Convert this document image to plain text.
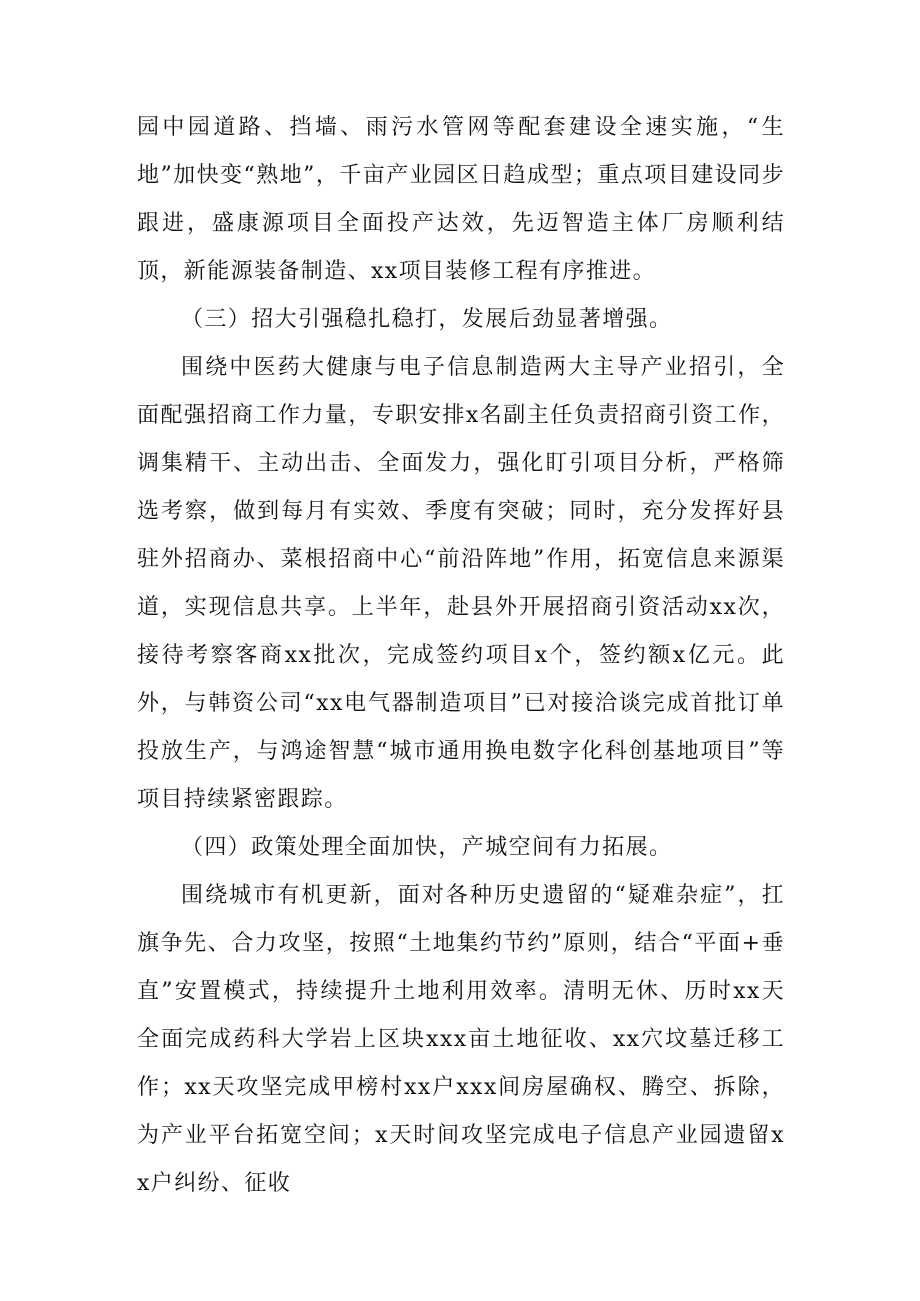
园中园道路、挡墙、雨污水管网等配套建设全速实施，“生地”加快变“熟地”，千亩产业园区日趋成型；重点项目建设同步跟进，盛康源项目全面投产达效，先迈智造主体厂房顺利结顶，新能源装备制造、xx项目装修工程有序推进。

（三）招大引强稳扎稳打，发展后劲显著增强。

围绕中医药大健康与电子信息制造两大主导产业招引，全面配强招商工作力量，专职安排x名副主任负责招商引资工作，调集精干、主动出击、全面发力，强化盯引项目分析，严格筛选考察，做到每月有实效、季度有突破；同时，充分发挥好县驻外招商办、菜根招商中心“前沿阵地”作用，拓宽信息来源渠道，实现信息共享。上半年，赴县外开展招商引资活动xx次，接待考察客商xx批次，完成签约项目x个，签约额x亿元。此外，与韩资公司“xx电气器制造项目”已对接洽谈完成首批订单投放生产，与鸿途智慧“城市通用换电数字化科创基地项目”等项目持续紧密跟踪。

（四）政策处理全面加快，产城空间有力拓展。

围绕城市有机更新，面对各种历史遗留的“疑难杂症”，扛旗争先、合力攻坚，按照“土地集约节约”原则，结合“平面+垂直”安置模式，持续提升土地利用效率。清明无休、历时xx天全面完成药科大学岩上区块xxx亩土地征收、xx穴坟墓迁移工作；xx天攻坚完成甲榜村xx户xxx间房屋确权、腾空、拆除，为产业平台拓宽空间；x天时间攻坚完成电子信息产业园遗留xx户纠纷、征收
